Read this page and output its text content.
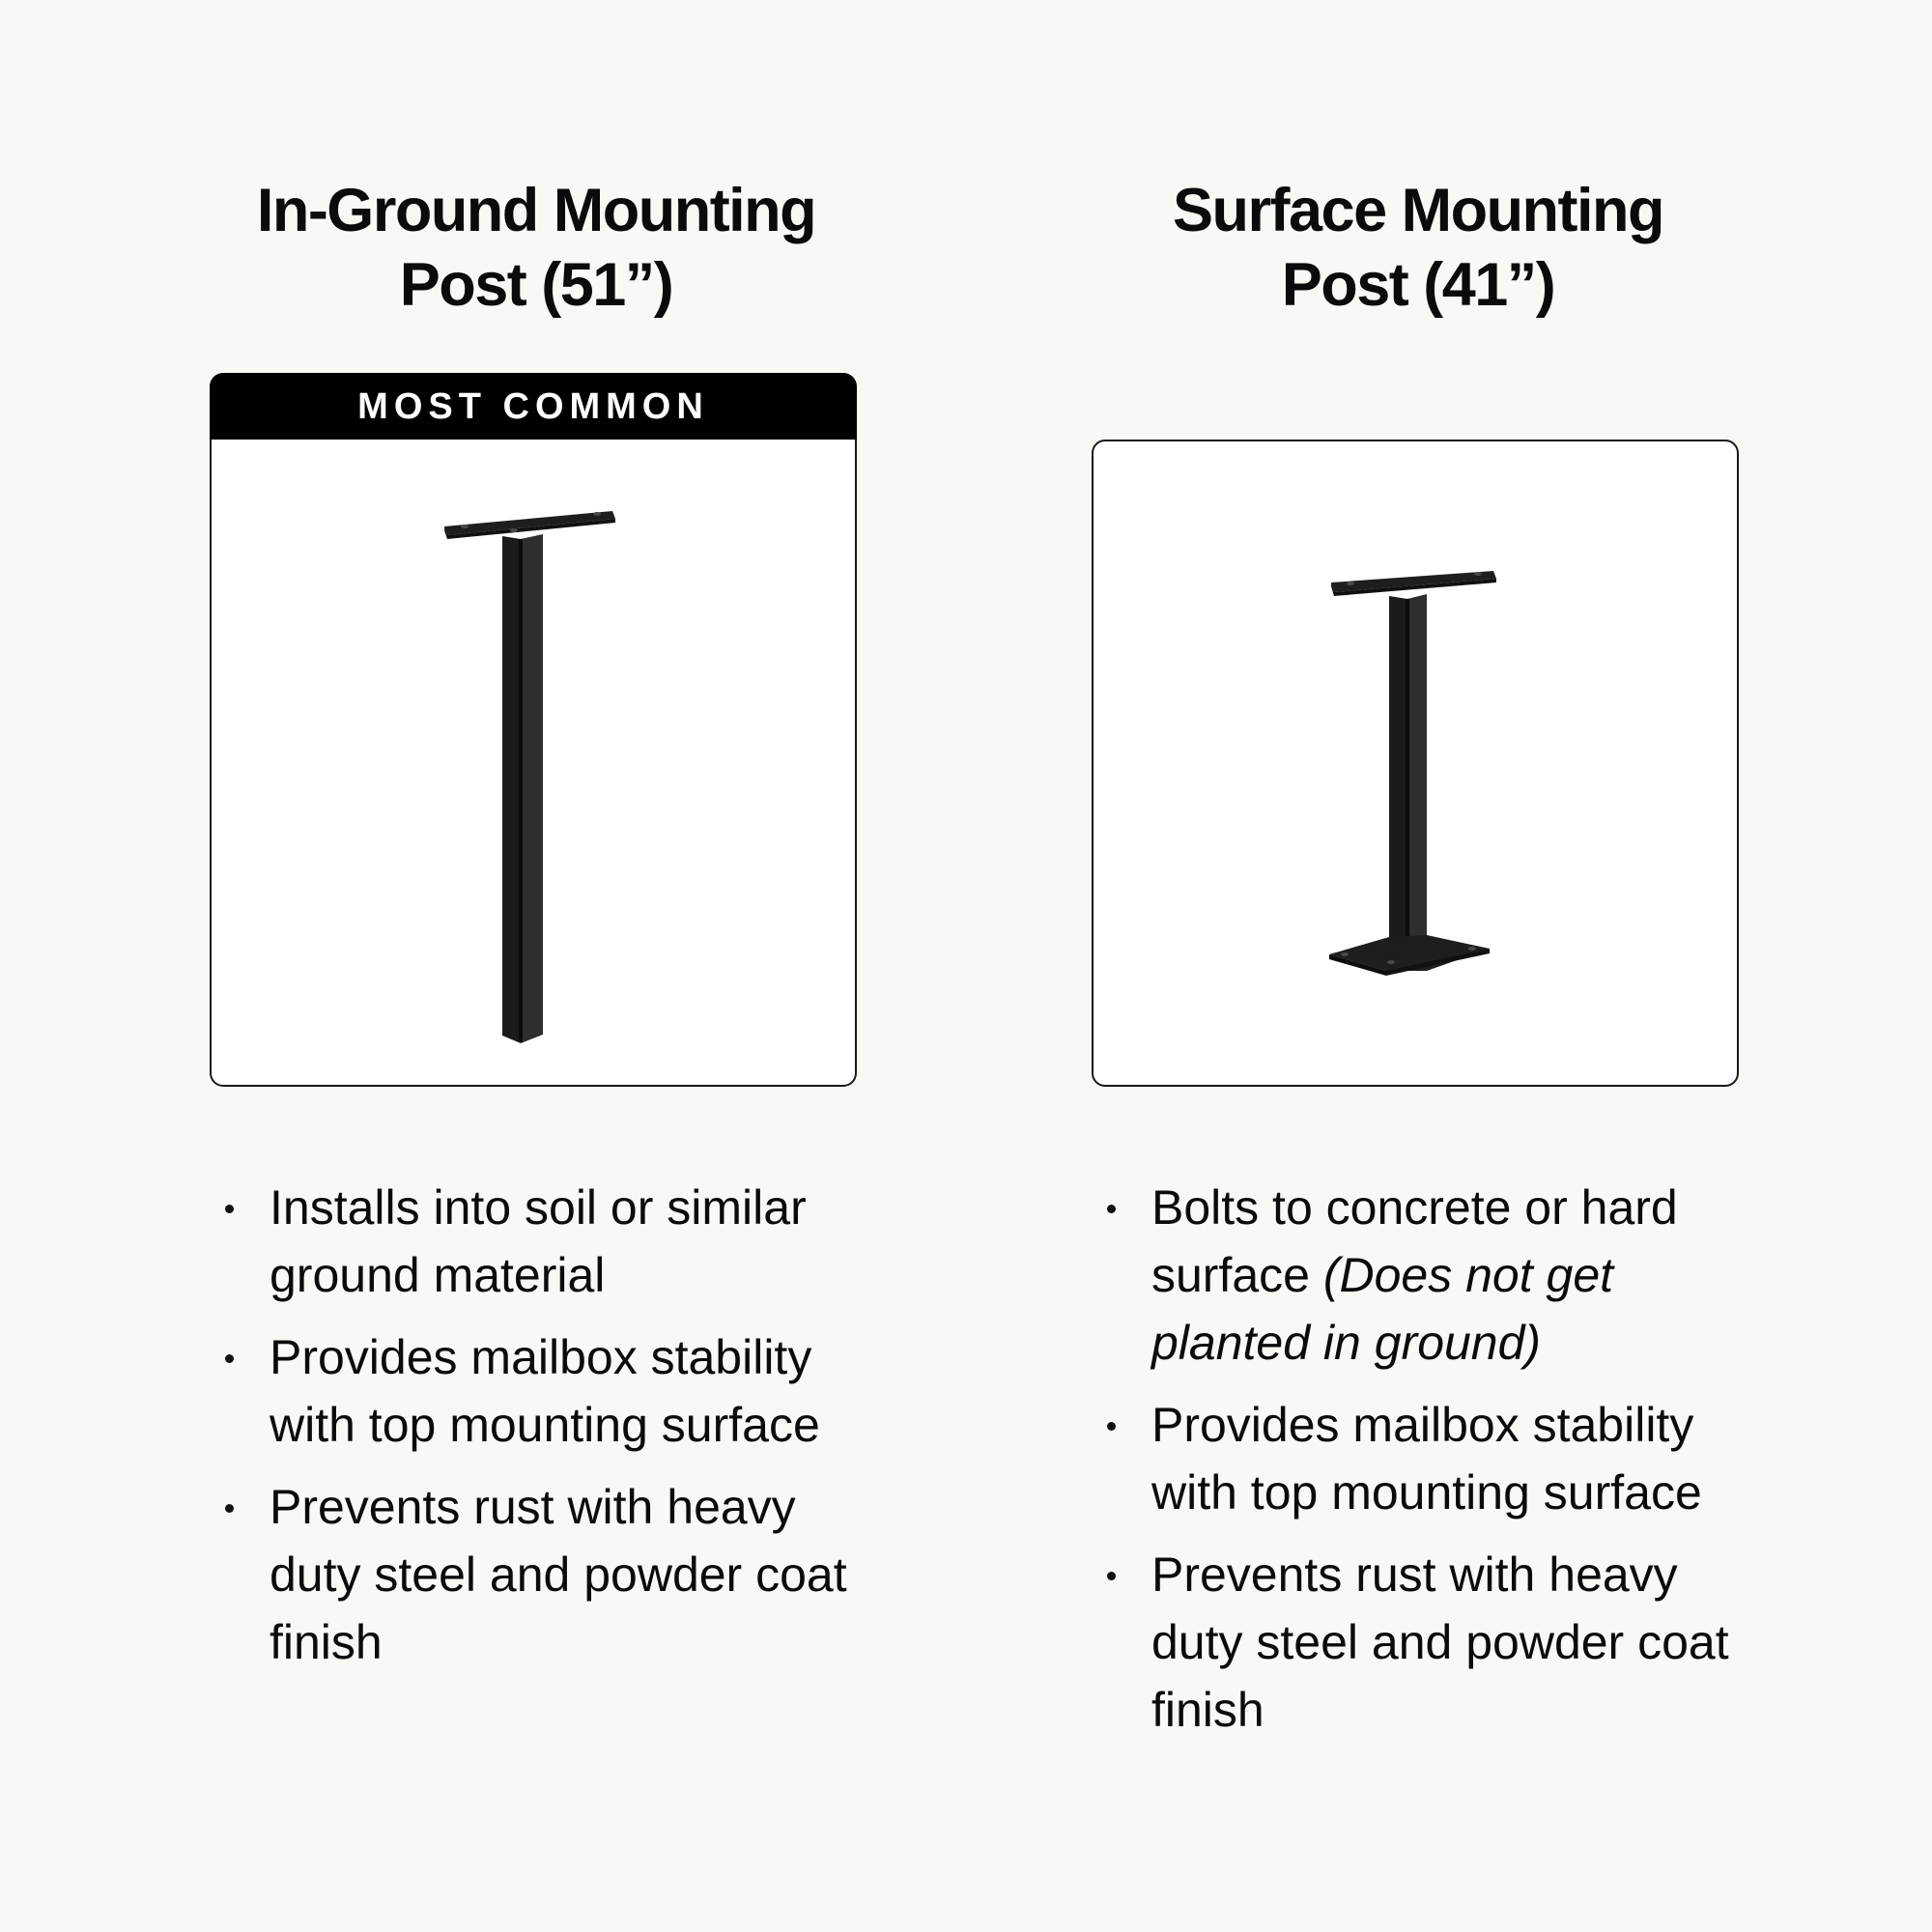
In-Ground Mounting
Post (51”)
MOST COMMON
Installs into soil or similar ground material
Provides mailbox stability with top mounting surface
Prevents rust with heavy duty steel and powder coat finish
Surface Mounting
Post (41”)
Bolts to concrete or hard surface (Does not get planted in ground)
Provides mailbox stability with top mounting surface
Prevents rust with heavy duty steel and powder coat finish
